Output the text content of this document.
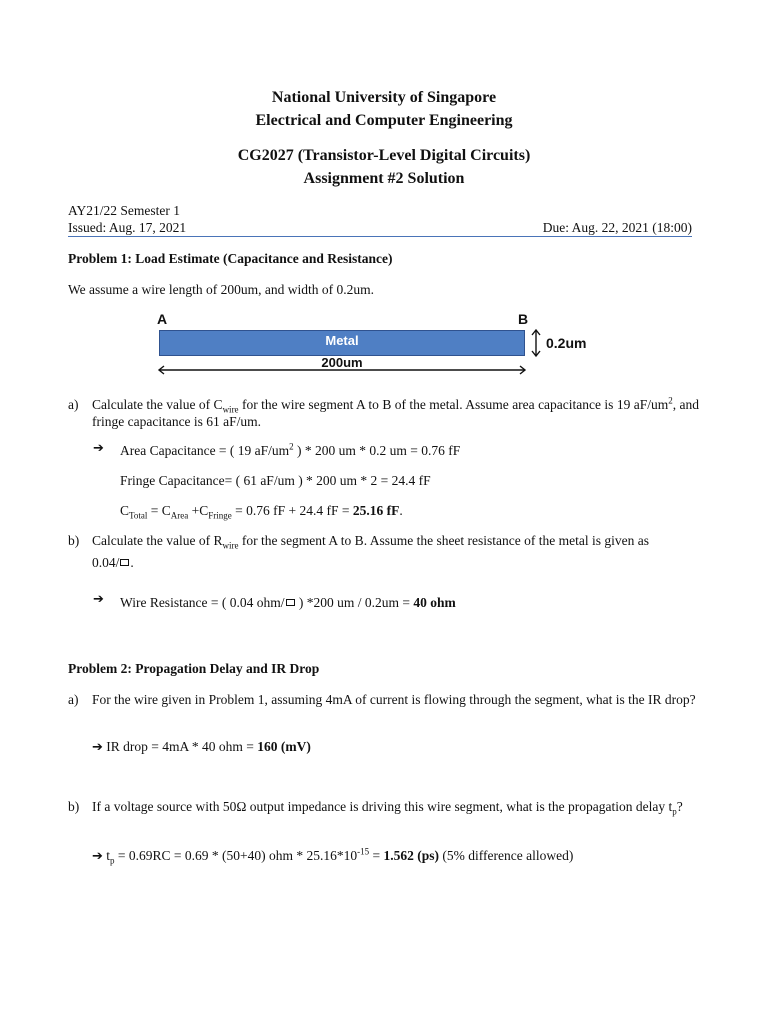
National University of Singapore
Electrical and Computer Engineering
CG2027 (Transistor-Level Digital Circuits)
Assignment #2 Solution
AY21/22 Semester 1
Issued: Aug. 17, 2021	Due: Aug. 22, 2021 (18:00)
Problem 1: Load Estimate (Capacitance and Resistance)
We assume a wire length of 200um, and width of 0.2um.
A	B
Metal	0.2um
200um
a) Calculate the value of $C_{wire}$ for the wire segment A to B of the metal. Assume area capacitance is 19 $aF/um^2$, and fringe capacitance is 61 aF/um.
➔ Area Capacitance = ( 19 $aF/um^2$ ) * 200 um * 0.2 um = 0.76 fF
Fringe Capacitance= ( 61 aF/um ) * 200 um * 2 = 24.4 fF
$C_{Total} = C_{Area} +C_{Fringe} = 0.76$ fF + 24.4 fF = 25.16 fF.
b) Calculate the value of $R_{wire}$ for the segment A to B. Assume the sheet resistance of the metal is given as
0.04/ .
➔ Wire Resistance = ( 0.04 ohm/ ) *200 um / 0.2um = 40 ohm
Problem 2: Propagation Delay and IR Drop
a) For the wire given in Problem 1, assuming 4mA of current is flowing through the segment, what is the IR drop?
➔ IR drop = 4mA * 40 ohm = 160 (mV)
b) If a voltage source with 50Ω output impedance is driving this wire segment, what is the propagation delay $t_p$?
➔ $t_p = 0.69RC = 0.69 * (50+40)$ ohm * $25.16*10^{-15} = 1.562$ (ps) (5% difference allowed)
